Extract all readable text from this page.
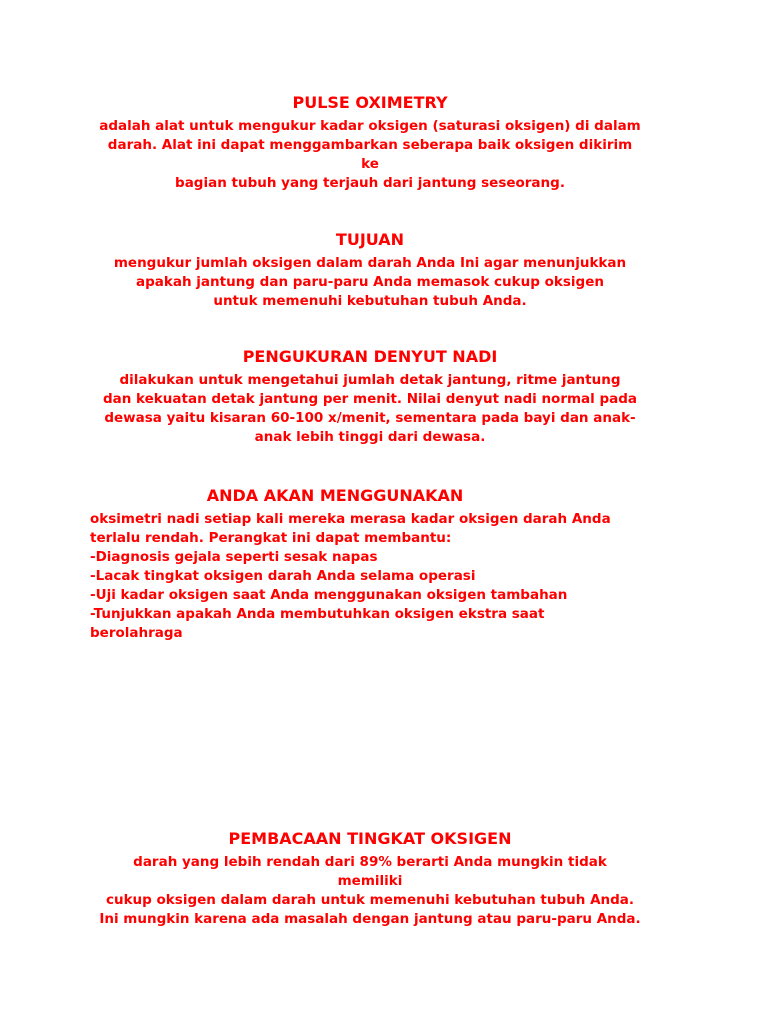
PULSE OXIMETRY
adalah alat untuk mengukur kadar oksigen (saturasi oksigen) di dalam
darah. Alat ini dapat menggambarkan seberapa baik oksigen dikirim
ke
bagian tubuh yang terjauh dari jantung seseorang.
TUJUAN
mengukur jumlah oksigen dalam darah Anda Ini agar menunjukkan
apakah jantung dan paru-paru Anda memasok cukup oksigen
untuk memenuhi kebutuhan tubuh Anda.
PENGUKURAN DENYUT NADI
dilakukan untuk mengetahui jumlah detak jantung, ritme jantung
dan kekuatan detak jantung per menit. Nilai denyut nadi normal pada
dewasa yaitu kisaran 60-100 x/menit, sementara pada bayi dan anak-
anak lebih tinggi dari dewasa.
ANDA AKAN MENGGUNAKAN
oksimetri nadi setiap kali mereka merasa kadar oksigen darah Anda
terlalu rendah. Perangkat ini dapat membantu:
-Diagnosis gejala seperti sesak napas
-Lacak tingkat oksigen darah Anda selama operasi
-Uji kadar oksigen saat Anda menggunakan oksigen tambahan
-Tunjukkan apakah Anda membutuhkan oksigen ekstra saat
berolahraga
PEMBACAAN TINGKAT OKSIGEN
darah yang lebih rendah dari 89% berarti Anda mungkin tidak
memiliki
cukup oksigen dalam darah untuk memenuhi kebutuhan tubuh Anda.
Ini mungkin karena ada masalah dengan jantung atau paru-paru Anda.
